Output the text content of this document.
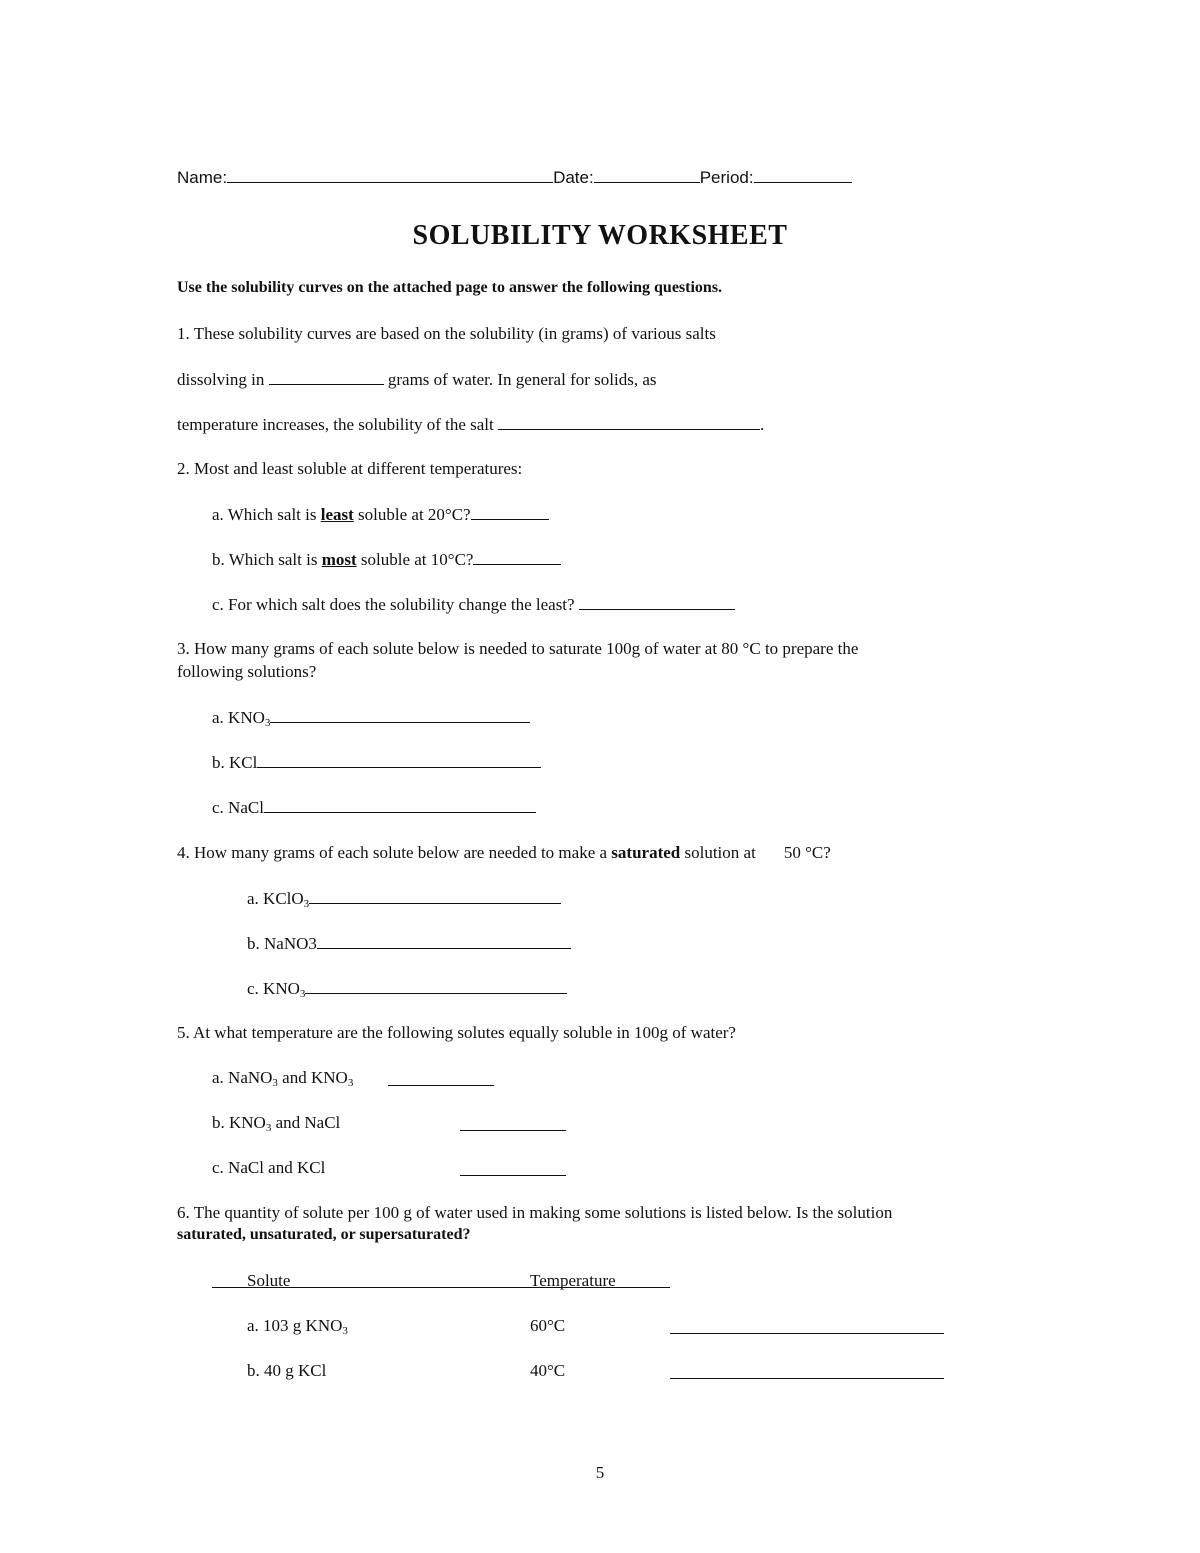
Name:	Date:	Period:
SOLUBILITY WORKSHEET
Use the solubility curves on the attached page to answer the following questions.
1. These solubility curves are based on the solubility (in grams) of various salts
dissolving in	grams of water. In general for solids, as
temperature increases, the solubility of the salt	.
2. Most and least soluble at different temperatures:
a. Which salt is least soluble at 20°C?
b. Which salt is most soluble at 10°C?
c. For which salt does the solubility change the least?
3. How many grams of each solute below is needed to saturate 100g of water at 80 °C to prepare the
following solutions?
a. $KNO_3$
b. KCl
c. NaCl
4. How many grams of each solute below are needed to make a saturated solution at 50 °C?
a. KClO$_3$
b. NaNO3
c. $KNO_3$
5. At what temperature are the following solutes equally soluble in 100g of water?
a. NaNO$_3$ and $KNO_3$
b. $KNO_3$ and NaCl
c. NaCl and KCl
6. The quantity of solute per 100 g of water used in making some solutions is listed below. Is the solution
saturated, unsaturated, or supersaturated?
Solute	Temperature
a. 103 g $KNO_3$	60°C
b. 40 g KCl	40°C
5
